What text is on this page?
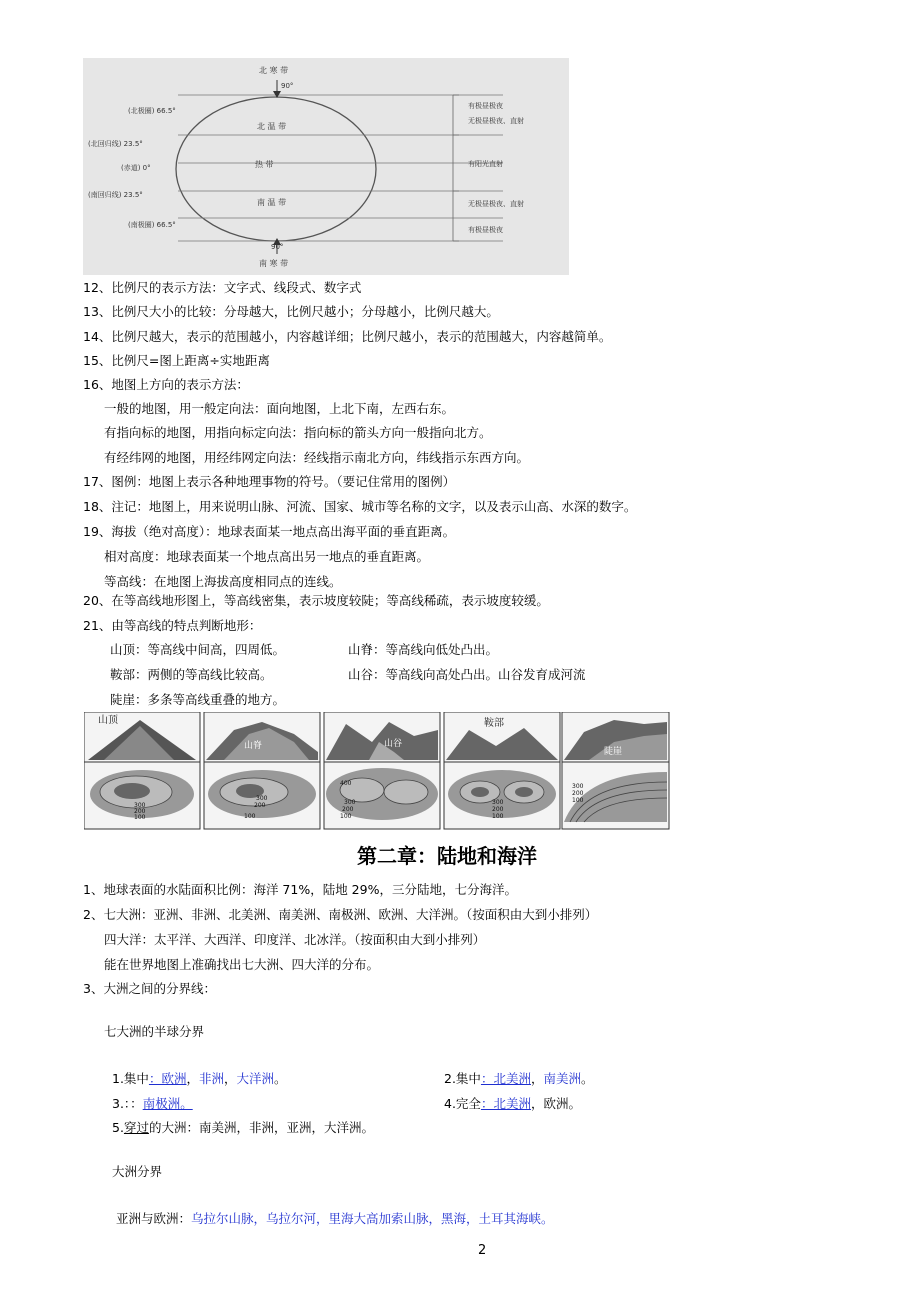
北 寒 带
90°
(北极圈) 66.5°
(北回归线) 23.5°
(赤道) 0°
(南回归线) 23.5°
(南极圈) 66.5°
北 温 带
热 带
南 温 带
90°
南 寒 带
有极昼极夜
无极昼极夜、直射
有阳光直射
无极昼极夜、直射
有极昼极夜
12、比例尺的表示方法：文字式、线段式、数字式
13、比例尺大小的比较：分母越大，比例尺越小；分母越小，比例尺越大。
14、比例尺越大，表示的范围越小，内容越详细；比例尺越小，表示的范围越大，内容越简单。
15、比例尺=图上距离÷实地距离
16、地图上方向的表示方法：
一般的地图，用一般定向法：面向地图，上北下南，左西右东。
有指向标的地图，用指向标定向法：指向标的箭头方向一般指向北方。
有经纬网的地图，用经纬网定向法：经线指示南北方向，纬线指示东西方向。
17、图例：地图上表示各种地理事物的符号。（要记住常用的图例）
18、注记：地图上，用来说明山脉、河流、国家、城市等名称的文字，以及表示山高、水深的数字。
19、海拔（绝对高度）：地球表面某一地点高出海平面的垂直距离。
相对高度：地球表面某一个地点高出另一地点的垂直距离。
等高线：在地图上海拔高度相同点的连线。
20、在等高线地形图上，等高线密集，表示坡度较陡；等高线稀疏，表示坡度较缓。
21、由等高线的特点判断地形：
山顶：等高线中间高，四周低。	山脊：等高线向低处凸出。
鞍部：两侧的等高线比较高。	山谷：等高线向高处凸出。山谷发育成河流
陡崖：多条等高线重叠的地方。
山顶
300
200
100
山脊
300
200
100
山谷
400
300
200
100
鞍部
300
200
100
陡崖
300
200
100
第二章：陆地和海洋
1、地球表面的水陆面积比例：海洋 71%，陆地 29%，三分陆地，七分海洋。
2、七大洲：亚洲、非洲、北美洲、南美洲、南极洲、欧洲、大洋洲。（按面积由大到小排列）
四大洋：太平洋、大西洋、印度洋、北冰洋。（按面积由大到小排列）
能在世界地图上准确找出七大洲、四大洋的分布。
3、大洲之间的分界线：
七大洲的半球分界
1.集中：欧洲，非洲，大洋洲。	2.集中：北美洲，南美洲。
3.：：南极洲。	4.完全：北美洲，欧洲。
5.穿过的大洲：南美洲，非洲，亚洲，大洋洲。
大洲分界
亚洲与欧洲：乌拉尔山脉，乌拉尔河，里海大高加索山脉，黑海，土耳其海峡。
2
